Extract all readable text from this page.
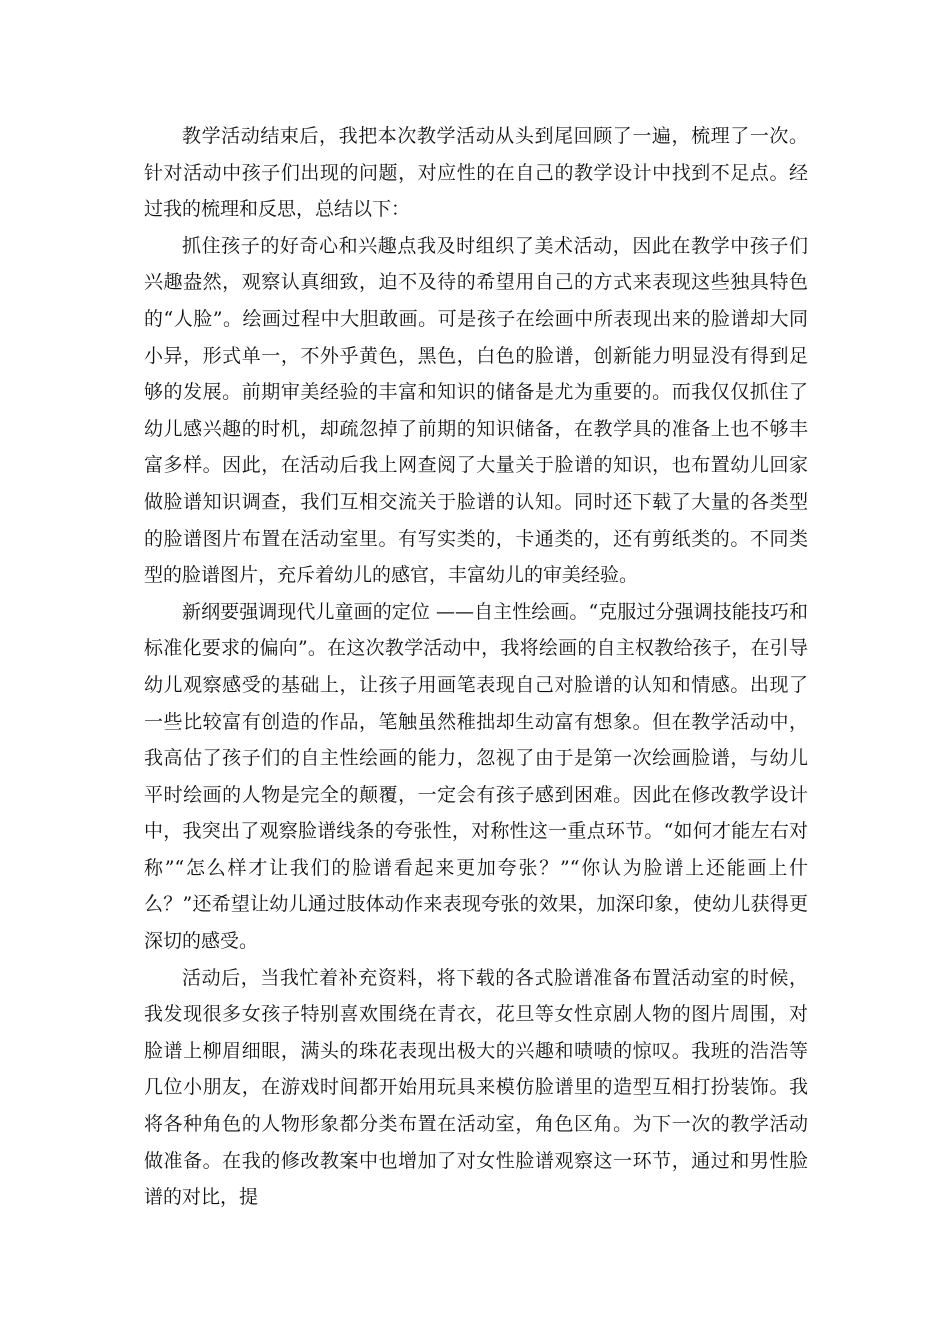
教学活动结束后，我把本次教学活动从头到尾回顾了一遍，梳理了一次。针对活动中孩子们出现的问题，对应性的在自己的教学设计中找到不足点。经过我的梳理和反思，总结以下：

抓住孩子的好奇心和兴趣点我及时组织了美术活动，因此在教学中孩子们兴趣盎然，观察认真细致，迫不及待的希望用自己的方式来表现这些独具特色的“人脸”。绘画过程中大胆敢画。可是孩子在绘画中所表现出来的脸谱却大同小异，形式单一，不外乎黄色，黑色，白色的脸谱，创新能力明显没有得到足够的发展。前期审美经验的丰富和知识的储备是尤为重要的。而我仅仅抓住了幼儿感兴趣的时机，却疏忽掉了前期的知识储备，在教学具的准备上也不够丰富多样。因此，在活动后我上网查阅了大量关于脸谱的知识，也布置幼儿回家做脸谱知识调查，我们互相交流关于脸谱的认知。同时还下载了大量的各类型的脸谱图片布置在活动室里。有写实类的，卡通类的，还有剪纸类的。不同类型的脸谱图片，充斥着幼儿的感官，丰富幼儿的审美经验。

新纲要强调现代儿童画的定位 ——自主性绘画。“克服过分强调技能技巧和标准化要求的偏向”。在这次教学活动中，我将绘画的自主权教给孩子，在引导幼儿观察感受的基础上，让孩子用画笔表现自己对脸谱的认知和情感。出现了一些比较富有创造的作品，笔触虽然稚拙却生动富有想象。但在教学活动中，我高估了孩子们的自主性绘画的能力，忽视了由于是第一次绘画脸谱，与幼儿平时绘画的人物是完全的颠覆，一定会有孩子感到困难。因此在修改教学设计中，我突出了观察脸谱线条的夸张性，对称性这一重点环节。“如何才能左右对称”“怎么样才让我们的脸谱看起来更加夸张？”“你认为脸谱上还能画上什么？”还希望让幼儿通过肢体动作来表现夸张的效果，加深印象，使幼儿获得更深切的感受。

活动后，当我忙着补充资料，将下载的各式脸谱准备布置活动室的时候，我发现很多女孩子特别喜欢围绕在青衣，花旦等女性京剧人物的图片周围，对脸谱上柳眉细眼，满头的珠花表现出极大的兴趣和啧啧的惊叹。我班的浩浩等几位小朋友，在游戏时间都开始用玩具来模仿脸谱里的造型互相打扮装饰。我将各种角色的人物形象都分类布置在活动室，角色区角。为下一次的教学活动做准备。在我的修改教案中也增加了对女性脸谱观察这一环节，通过和男性脸谱的对比，提
